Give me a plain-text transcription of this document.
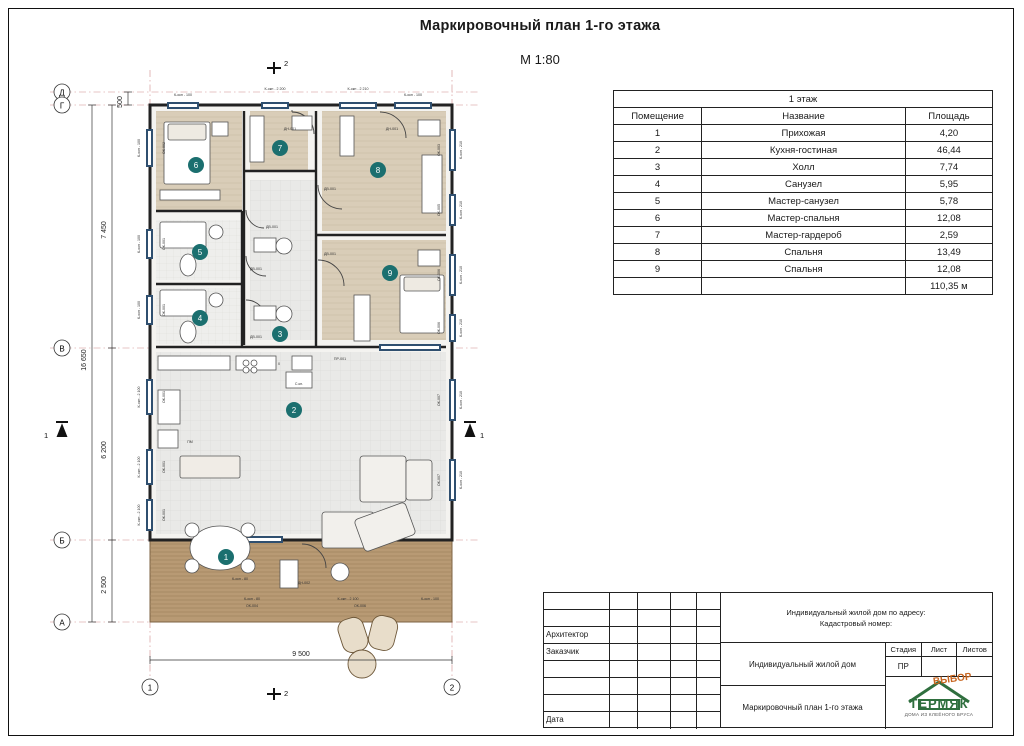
Маркировочный план 1-го этажа
М 1:80
1 этаж		
Помещение	Название	Площадь
1	Прихожая	4,20
2	Кухня-гостиная	46,44
3	Холл	7,74
4	Санузел	5,95
5	Мастер-санузел	5,78
6	Мастер-спальня	12,08
7	Мастер-гардероб	2,59
8	Спальня	13,49
9	Спальня	12,08
		110,35 м
Архитектор
Заказчик
Дата
Индивидуальный жилой дом по адресу:
Кадастровый номер:
Индивидуальный жилой дом
Маркировочный план 1-го этажа
Стадия	Лист	Листов
ПР
ВЫБОР
ТЕРМЯК
ДОМА ИЗ КЛЕЁНОГО БРУСА
Д
Г
В
Б
А
1	2
1
2
3
4
5
6
7
8
9
К-окн - 100
К-окн - 2 200	К-окн - 2 210
К-окн - 100
ДН-001	ДН-001
ДВ-001
ДВ-001
ДВ-001
ДВ-001
ДВ-001
ДН-002
ПР-001
С.кн.
ПМ
Х
К-окн - 80	К-окн - 2 100	К-окн - 100
К-окн - 100
К-окн - 100
К-окн - 100
К-окн - 2 100
К-окн - 2 100
К-окн - 2 100
ОК-002
ОК-001
ОК-001
ОК-001
ОК-001
ОК-001
К-окн - 210
К-окн - 210
К-окн - 210
К-окн - 210
К-окн - 210
К-окн - 210
ОК-003
ОК-005
ОК-006
ОК-006
ОК-007
ОК-007
К-окн - 80
ОК-004	ОК-006
16 650
7 450
6 200
2 500
500
9 500
2
2
1	1
